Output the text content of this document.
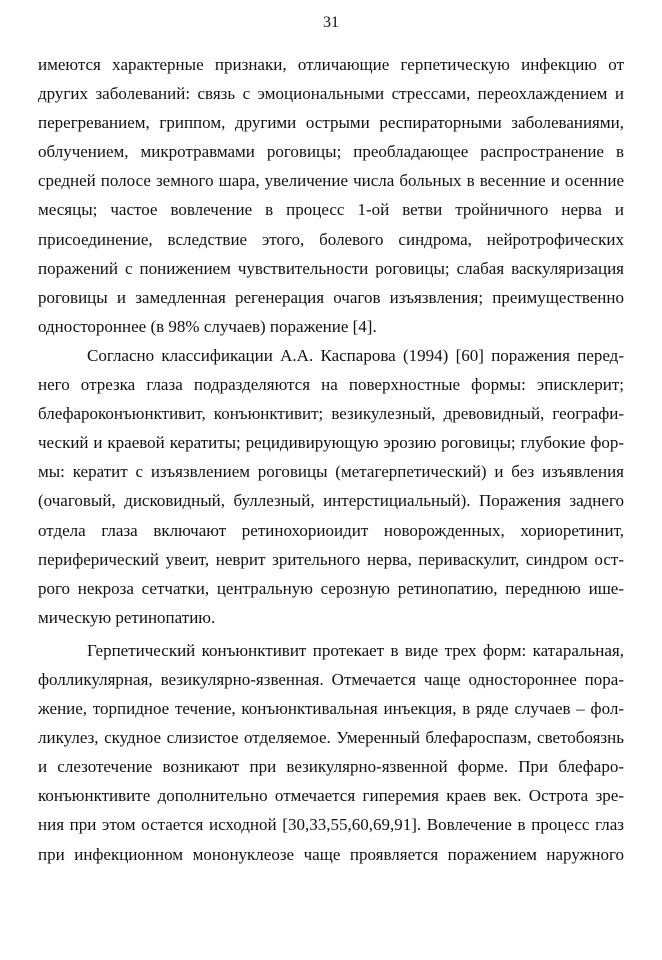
31
имеются характерные признаки, отличающие герпетическую инфекцию от
других заболеваний: связь с эмоциональными стрессами, переохлаждением и
перегреванием, гриппом, другими острыми респираторными заболеваниями,
облучением, микротравмами роговицы; преобладающее распространение в
средней полосе земного шара, увеличение числа больных в весенние и осенние
месяцы; частое вовлечение в процесс 1-ой ветви тройничного нерва и
присоединение, вследствие этого, болевого синдрома, нейротрофических
поражений с понижением чувствительности роговицы; слабая васкуляризация
роговицы и замедленная регенерация очагов изъязвления; преимущественно
одностороннее (в 98% случаев) поражение [4].
Согласно классификации А.А. Каспарова (1994) [60] поражения перед-
него отрезка глаза подразделяются на поверхностные формы: эписклерит;
блефароконъюнктивит, конъюнктивит; везикулезный, древовидный, географи-
ческий и краевой кератиты; рецидивирующую эрозию роговицы; глубокие фор-
мы: кератит с изъязвлением роговицы (метагерпетический) и без изъявления
(очаговый, дисковидный, буллезный, интерстициальный). Поражения заднего
отдела глаза включают ретинохориоидит новорожденных, хориоретинит,
периферический увеит, неврит зрительного нерва, периваскулит, синдром ост-
рого некроза сетчатки, центральную серозную ретинопатию, переднюю ише-
мическую ретинопатию.
Герпетический конъюнктивит протекает в виде трех форм: катаральная,
фолликулярная, везикулярно-язвенная. Отмечается чаще одностороннее пора-
жение, торпидное течение, конъюнктивальная инъекция, в ряде случаев – фол-
ликулез, скудное слизистое отделяемое. Умеренный блефароспазм, светобоязнь
и слезотечение возникают при везикулярно-язвенной форме. При блефаро-
конъюнктивите дополнительно отмечается гиперемия краев век. Острота зре-
ния при этом остается исходной [30,33,55,60,69,91]. Вовлечение в процесс глаз
при инфекционном мононуклеозе чаще проявляется поражением наружного
